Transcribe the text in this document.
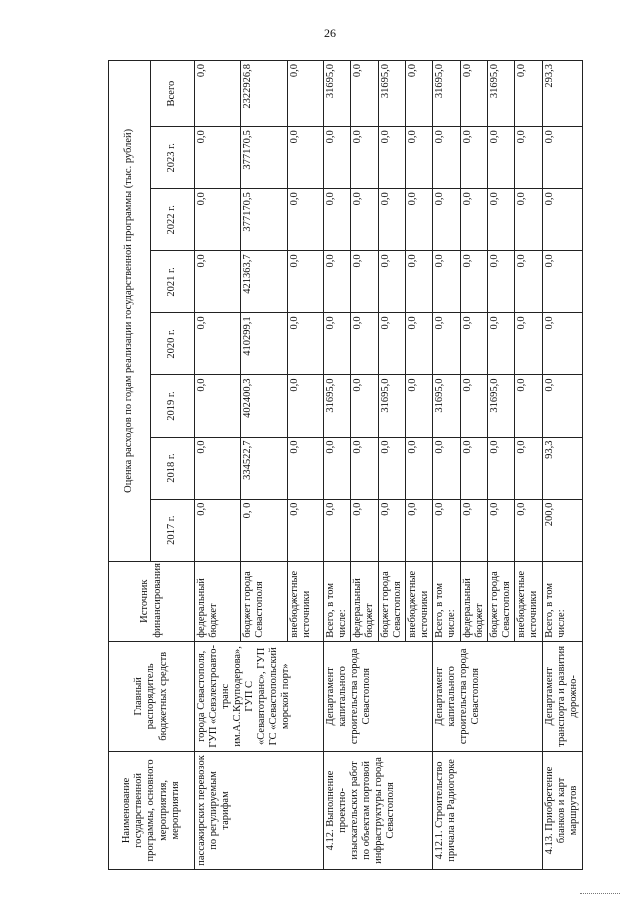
26
Наименование государственной программы, основного мероприятия, мероприятия	Главный распорядитель бюджетных средств	Источник финансирования	Оценка расходов по годам реализации государственной программы (тыс. рублей)							
			2017 г.	2018 г.	2019 г.	2020 г.	2021 г.	2022 г.	2023 г.	Всего
пассажирских перевозок по регулируемым тарифам	города Севастополя, ГУП «Севэлектроавто-транс им.А.С.Круподерова», ГУП С «Севавтотранс», ГУП ГС «Севастопольский морской порт»	федеральный бюджет	0,0	0,0	0,0	0,0	0,0	0,0	0,0	0,0
		бюджет города Севастополя	0, 0	334522,7	402400,3	410299,1	421363,7	377170,5	377170,5	2322926,8
		внебюджетные источники	0,0	0,0	0,0	0,0	0,0	0,0	0,0	0,0
4.12. Выполнение проектно-изыскательских работ по объектам портовой инфраструктуры города Севастополя	Департамент капитального строительства города Севастополя	Всего, в том числе:	0,0	0,0	31695,0	0,0	0,0	0,0	0,0	31695,0
		федеральный бюджет	0,0	0,0	0,0	0,0	0,0	0,0	0,0	0,0
		бюджет города Севастополя	0,0	0,0	31695,0	0,0	0,0	0,0	0,0	31695,0
		внебюджетные источники	0,0	0,0	0,0	0,0	0,0	0,0	0,0	0,0
4.12.1. Строительство причала на Радиогорке	Департамент капитального строительства города Севастополя	Всего, в том числе:	0,0	0,0	31695,0	0,0	0,0	0,0	0,0	31695,0
		федеральный бюджет	0,0	0,0	0,0	0,0	0,0	0,0	0,0	0,0
		бюджет города Севастополя	0,0	0,0	31695,0	0,0	0,0	0,0	0,0	31695,0
		внебюджетные источники	0,0	0,0	0,0	0,0	0,0	0,0	0,0	0,0
4.13. Приобретение бланков и карт маршрутов	Департамент транспорта и развития дорожно-	Всего, в том числе:	200,0	93,3	0,0	0,0	0,0	0,0	0,0	293,3
